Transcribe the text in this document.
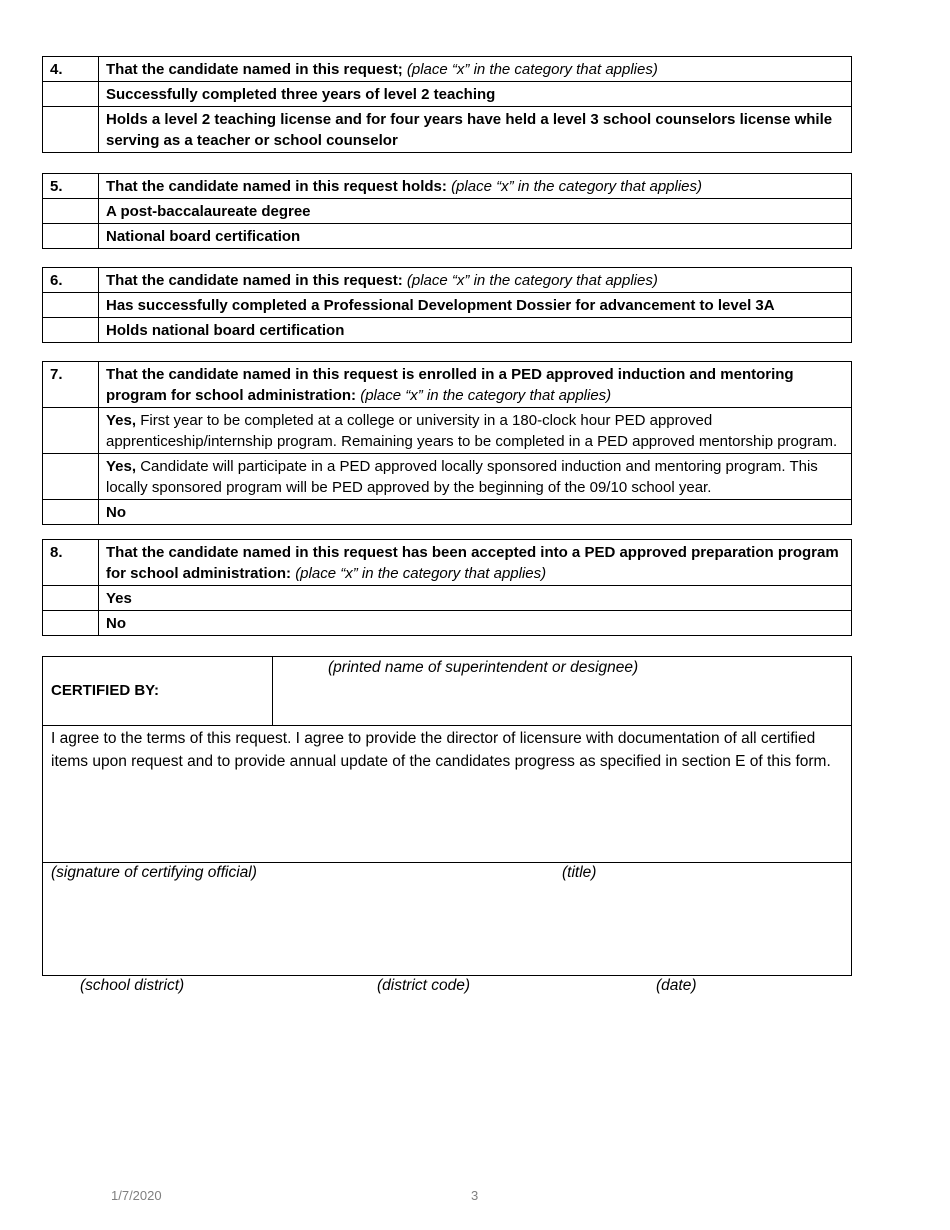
4.	That the candidate named in this request; (place “x” in the category that applies)
	Successfully completed three years of level 2 teaching
	Holds a level 2 teaching license and for four years have held a level 3 school counselors license while serving as a teacher or school counselor
5.	That the candidate named in this request holds: (place “x” in the category that applies)
	A post-baccalaureate degree
	National board certification
6.	That the candidate named in this request: (place “x” in the category that applies)
	Has successfully completed a Professional Development Dossier for advancement to level 3A
	Holds national board certification
7.	That the candidate named in this request is enrolled in a PED approved induction and mentoring program for school administration: (place “x” in the category that applies)
	Yes, First year to be completed at a college or university in a 180-clock hour PED approved apprenticeship/internship program. Remaining years to be completed in a PED approved mentorship program.
	Yes, Candidate will participate in a PED approved locally sponsored induction and mentoring program. This locally sponsored program will be PED approved by the beginning of the 09/10 school year.
	No
8.	That the candidate named in this request has been accepted into a PED approved preparation program for school administration: (place “x” in the category that applies)
	Yes
	No
CERTIFIED BY:
(printed name of superintendent or designee)
I agree to the terms of this request. I agree to provide the director of licensure with documentation of all certified items upon request and to provide annual update of the candidates progress as specified in section E of this form.
(signature of certifying official)	(title)
(school district)	(district code)	(date)
1/7/2020	3
